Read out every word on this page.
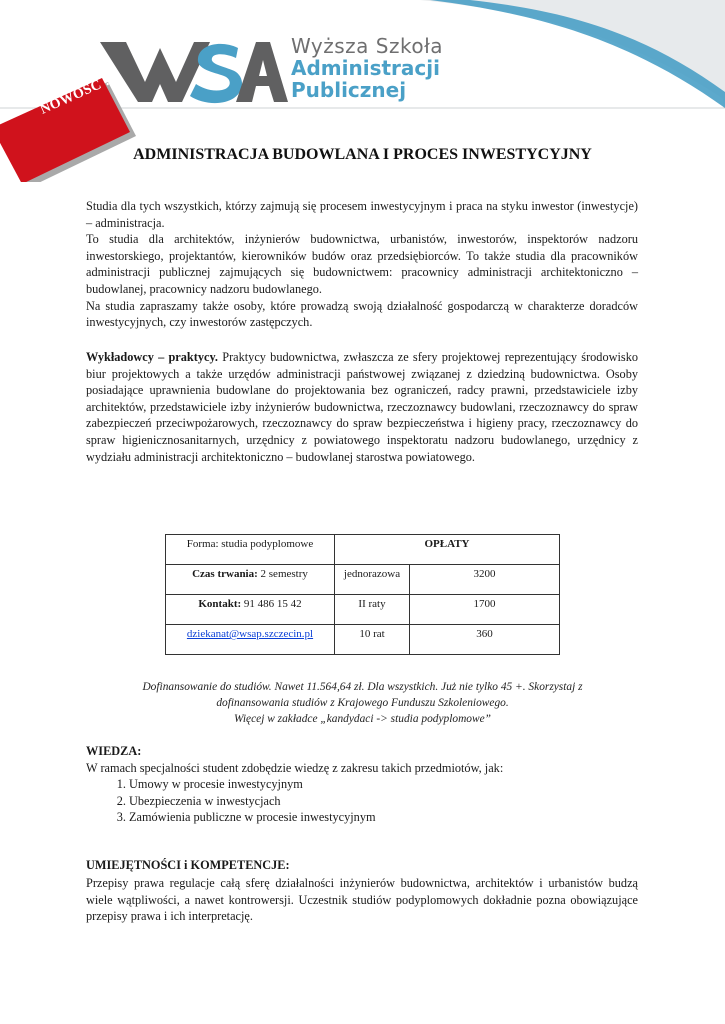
Wyższa Szkoła
Administracji
Publicznej
NOWOŚĆ !!!
ADMINISTRACJA BUDOWLANA I PROCES INWESTYCYJNY

Studia dla tych wszystkich, którzy zajmują się procesem inwestycyjnym i praca na styku inwestor (inwestycje) – administracja.

To studia dla architektów, inżynierów budownictwa, urbanistów, inwestorów, inspektorów nadzoru inwestorskiego, projektantów, kierowników budów oraz przedsiębiorców. To także studia dla pracowników administracji publicznej zajmujących się budownictwem: pracownicy administracji architektoniczno – budowlanej, pracownicy nadzoru budowlanego.

Na studia zapraszamy także osoby, które prowadzą swoją działalność gospodarczą w charakterze doradców inwestycyjnych, czy inwestorów zastępczych.

Wykładowcy – praktycy. Praktycy budownictwa, zwłaszcza ze sfery projektowej reprezentujący środowisko biur projektowych a także urzędów administracji państwowej związanej z dziedziną budownictwa. Osoby posiadające uprawnienia budowlane do projektowania bez ograniczeń, radcy prawni, przedstawiciele izby architektów, przedstawiciele izby inżynierów budownictwa, rzeczoznawcy budowlani, rzeczoznawcy do spraw zabezpieczeń przeciwpożarowych, rzeczoznawcy do spraw bezpieczeństwa i higieny pracy, rzeczoznawcy do spraw higienicznosanitarnych, urzędnicy z powiatowego inspektoratu nadzoru budowlanego, urzędnicy z wydziału administracji architektoniczno – budowlanej starostwa powiatowego.

Forma: studia podyplomowe	OPŁATY	
Czas trwania: 2 semestry	jednorazowa	3200
Kontakt: 91 486 15 42	II raty	1700
dziekanat@wsap.szczecin.pl	10 rat	360
Dofinansowanie do studiów. Nawet 11.564,64 zł. Dla wszystkich. Już nie tylko 45 +. Skorzystaj z
dofinansowania studiów z Krajowego Funduszu Szkoleniowego.
Więcej w zakładce „kandydaci -> studia podyplomowe”

WIEDZA:

W ramach specjalności student zdobędzie wiedzę z zakresu takich przedmiotów, jak:

1. Umowy w procesie inwestycyjnym
2. Ubezpieczenia w inwestycjach
3. Zamówienia publiczne w procesie inwestycyjnym

UMIEJĘTNOŚCI i KOMPETENCJE:

Przepisy prawa regulacje całą sferę działalności inżynierów budownictwa, architektów i urbanistów budzą wiele wątpliwości, a nawet kontrowersji. Uczestnik studiów podyplomowych dokładnie pozna obowiązujące przepisy prawa i ich interpretację.
